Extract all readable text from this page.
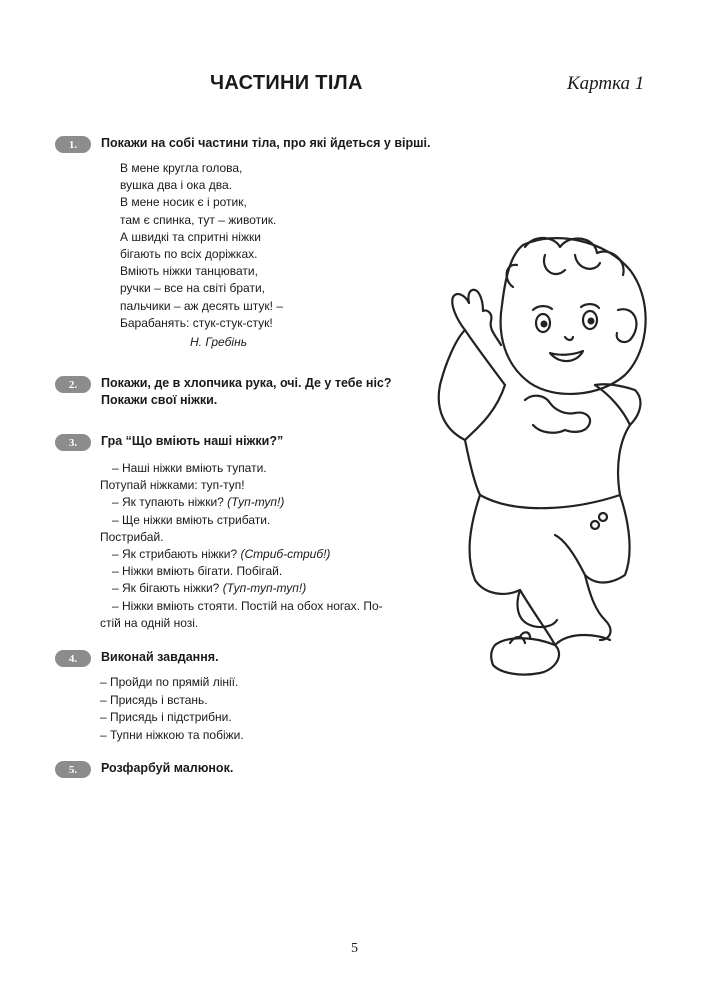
ЧАСТИНИ ТІЛА	Картка 1
1.	Покажи на собі частини тіла, про які йдеться у вірші.
В мене кругла голова,
вушка два і ока два.
В мене носик є і ротик,
там є спинка, тут – животик.
А швидкі та спритні ніжки
бігають по всіх доріжках.
Вміють ніжки танцювати,
ручки – все на світі брати,
пальчики – аж десять штук! –
Барабанять: стук-стук-стук!
Н. Гребінь
2.	Покажи, де в хлопчика рука, очі. Де у тебе ніс?
Покажи свої ніжки.
3.	Гра “Що вміють наші ніжки?”
– Наші ніжки вміють тупати.
Потупай ніжками: туп-туп!
– Як тупають ніжки? (Туп-туп!)
– Ще ніжки вміють стрибати.
Пострибай.
– Як стрибають ніжки? (Стриб-стриб!)
– Ніжки вміють бігати. Побігай.
– Як бігають ніжки? (Туп-туп-туп!)
– Ніжки вміють стояти. Постій на обох ногах. По-
стій на одній нозі.
4.	Виконай завдання.
– Пройди по прямій лінії.
– Присядь і встань.
– Присядь і підстрибни.
– Тупни ніжкою та побіжи.
5.	Розфарбуй малюнок.
5
